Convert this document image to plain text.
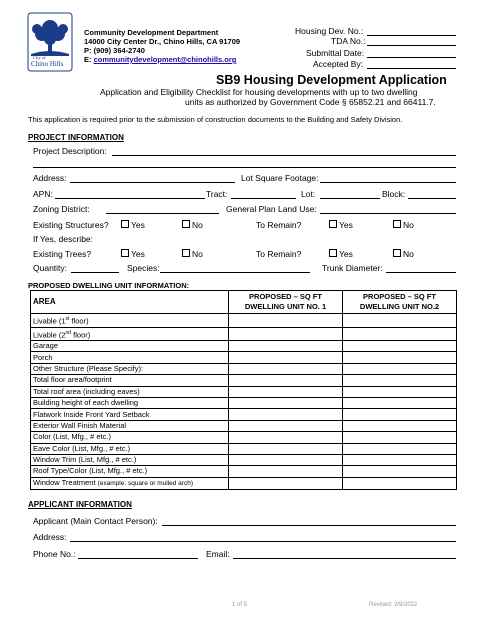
City of
Chino Hills
Community Development Department
14000 City Center Dr., Chino Hills, CA 91709
P: (909) 364-2740
E: communitydevelopment@chinohills.org
Housing Dev. No.:
TDA No.:
Submittal Date:
Accepted By:
SB9 Housing Development Application
Application and Eligibility Checklist for housing developments with up to two dwelling
units as authorized by Government Code § 65852.21 and 66411.7.
This application is required prior to the submission of construction documents to the Building and Safety Division.
PROJECT INFORMATION
Project Description:
Address:	Lot Square Footage:
APN:	Tract:	Lot:	Block:
Zoning District:	General Plan Land Use:
Existing Structures?	Yes	No	To Remain?	Yes	No
If Yes, describe:
Existing Trees?	Yes	No	To Remain?	Yes	No
Quantity:	Species:	Trunk Diameter:
PROPOSED DWELLING UNIT INFORMATION:
AREA	PROPOSED – SQ FT DWELLING UNIT NO. 1	PROPOSED – SQ FT DWELLING UNIT NO.2
Livable (1st floor)		
Livable (2nd floor)		
Garage		
Porch		
Other Structure (Please Specify):		
Total floor area/footprint		
Total roof area (including eaves)		
Building height of each dwelling		
Flatwork Inside Front Yard Setback		
Exterior Wall Finish Material		
Color (List, Mfg., # etc.)		
Eave Color (List, Mfg., # etc.)		
Window Trim (List, Mfg., # etc.)		
Roof Type/Color (List, Mfg., # etc.)		
Window Treatment (example: square or mulled arch)		
APPLICANT INFORMATION
Applicant (Main Contact Person):
Address:
Phone No.:	Email:
1 of 5	Revised: 2/9/2022
